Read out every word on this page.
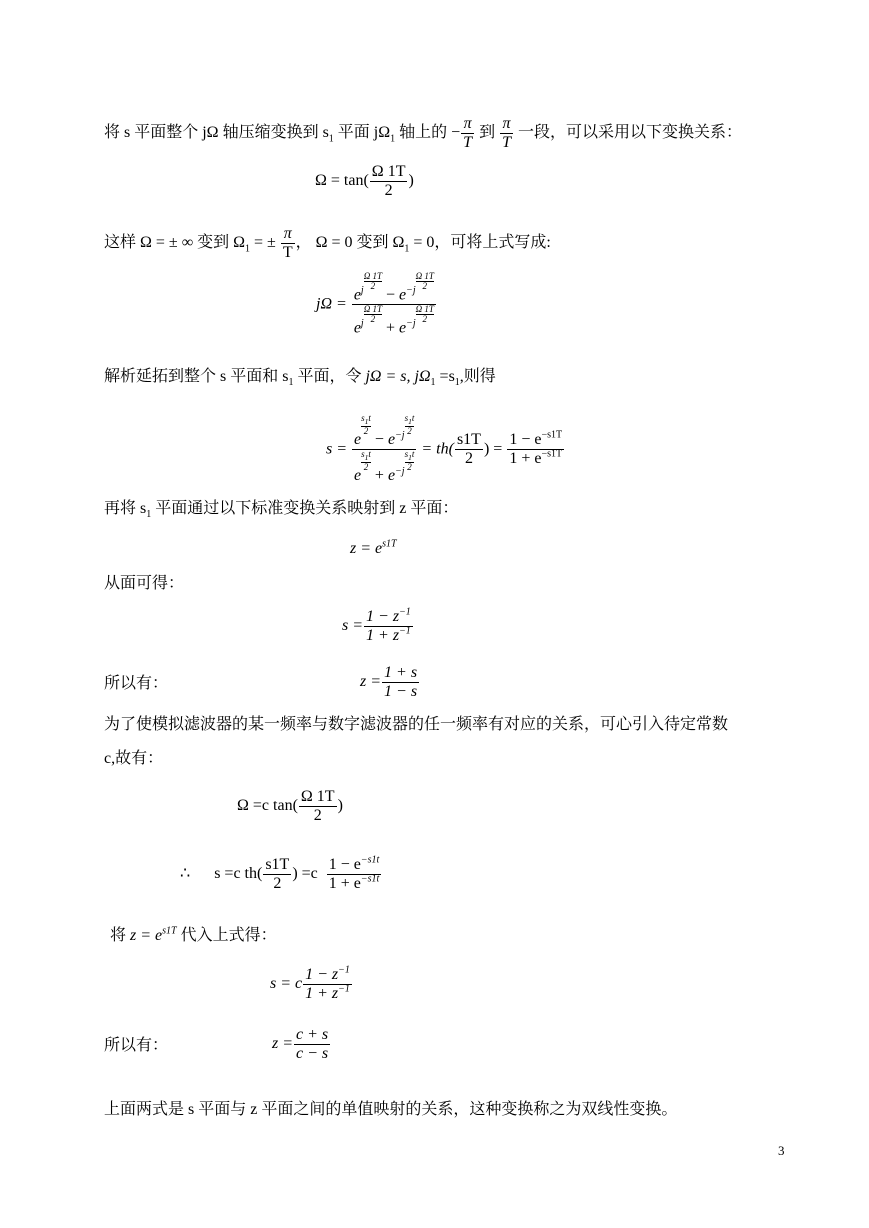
将 s 平面整个 jΩ 轴压缩变换到 $s_1$ 平面 $j\Omega_1$ 轴上的 − $\frac{\pi}{T}$ 到 $\frac{\pi}{T}$ 一段，可以采用以下变换关系：
$\Omega = \tan( \frac{\Omega 1T}{2}$ )
这样 Ω = ± ∞ 变到 $\Omega_1$ = ± $\frac{\pi}{T}$ ， Ω = 0 变到 $\Omega_1 = 0$，可将上式写成:
$j\Omega = e^{j \frac{\Omega 1T}{2}}$
− $e^{-j \frac{\Omega 1T}{2}}$
$e^{j \frac{\Omega 1T}{2}}$
+ $e^{-j \frac{\Omega 1T}{2}}$
解析延拓到整个 s 平面和 $s_1$ 平面，令 jΩ = s, $j\Omega_1 =s_1$,则得
s = e
$^{\frac{s_1t}{2}}$
− $e^{-j \frac{s_1t}{2}}$
e
$^{\frac{s_1t}{2}}$
+ $e^{-j \frac{s_1t}{2}} = th( \frac{s1T}{2}$ ) = $\frac{1 - e^{-s1T}}{1 + e^{-s1T}}$
再将 $s_1$ 平面通过以下标准变换关系映射到 z 平面：
$z = e^{s1T}$
从面可得：
$s = \frac{1 - z^{-1}}{1 + z^{-1}}$
所以有：	$z = \frac{1 + s}{1 - s}$
为了使模拟滤波器的某一频率与数字滤波器的任一频率有对应的关系，可心引入待定常数
c,故有：
Ω =c $\tan( \frac{\Omega 1T}{2}$ )
∴ s =c $th( \frac{s1T}{2}$ ) $=c \frac{1 - e^{-s1t}}{1 + e^{-s1t}}$
将 $z = e^{s1T}$ 代入上式得：
s = c $\frac{1 - z^{-1}}{1 + z^{-1}}$
所以有：	$z = \frac{c + s}{c - s}$
上面两式是 s 平面与 z 平面之间的单值映射的关系，这种变换称之为双线性变换。
3
